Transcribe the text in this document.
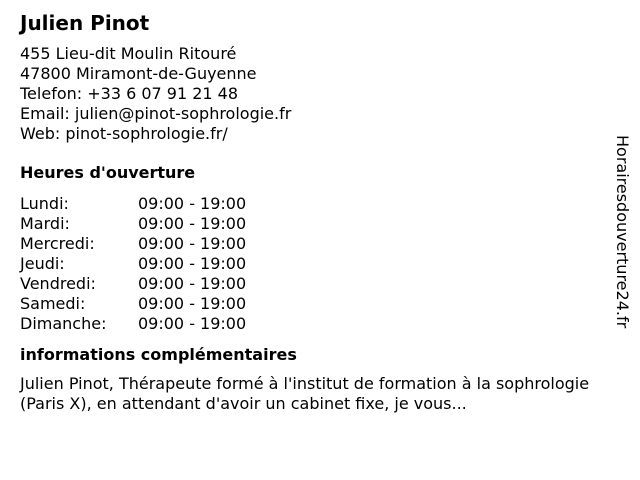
Julien Pinot
455 Lieu-dit Moulin Ritouré
47800 Miramont-de-Guyenne
Telefon: +33 6 07 91 21 48
Email: julien@pinot-sophrologie.fr
Web: pinot-sophrologie.fr/
Heures d'ouverture
Lundi:	09:00 - 19:00
Mardi:	09:00 - 19:00
Mercredi:	09:00 - 19:00
Jeudi:	09:00 - 19:00
Vendredi:	09:00 - 19:00
Samedi:	09:00 - 19:00
Dimanche:	09:00 - 19:00
informations complémentaires
Julien Pinot, Thérapeute formé à l'institut de formation à la sophrologie (Paris X), en attendant d'avoir un cabinet fixe, je vous...
Horairesdouverture24.fr
